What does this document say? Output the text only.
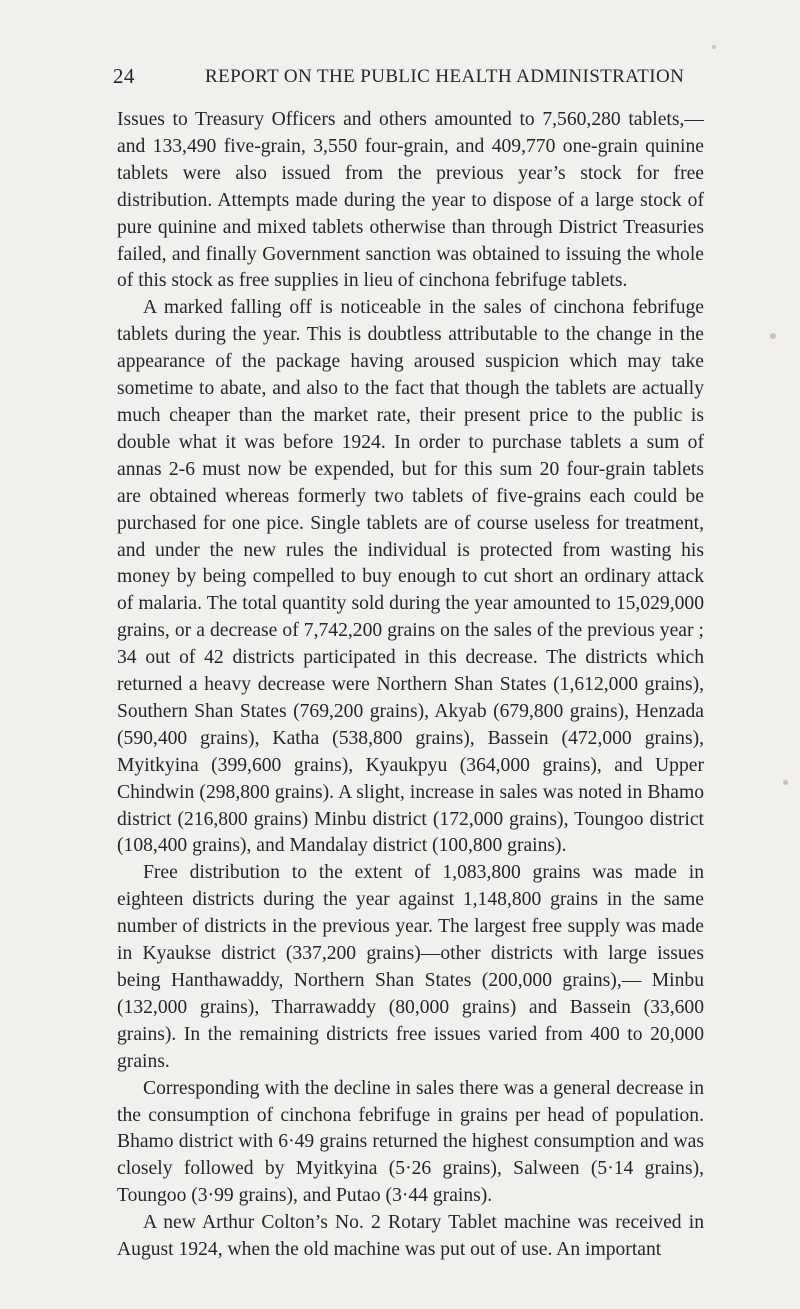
24	REPORT ON THE PUBLIC HEALTH ADMINISTRATION

Issues to Treasury Officers and others amounted to 7,560,280 tablets,—and 133,490 five-grain, 3,550 four-grain, and 409,770 one-grain quinine tablets were also issued from the previous year’s stock for free distribution. Attempts made during the year to dispose of a large stock of pure quinine and mixed tablets otherwise than through District Treasuries failed, and finally Government sanction was obtained to issuing the whole of this stock as free supplies in lieu of cinchona febrifuge tablets.

A marked falling off is noticeable in the sales of cinchona febrifuge tablets during the year. This is doubtless attributable to the change in the appearance of the package having aroused suspicion which may take sometime to abate, and also to the fact that though the tablets are actually much cheaper than the market rate, their present price to the public is double what it was before 1924. In order to purchase tablets a sum of annas 2-6 must now be expended, but for this sum 20 four-grain tablets are obtained whereas formerly two tablets of five-grains each could be purchased for one pice. Single tablets are of course useless for treatment, and under the new rules the individual is protected from wasting his money by being compelled to buy enough to cut short an ordinary attack of malaria. The total quantity sold during the year amounted to 15,029,000 grains, or a decrease of 7,742,200 grains on the sales of the previous year ; 34 out of 42 districts participated in this decrease. The districts which returned a heavy decrease were Northern Shan States (1,612,000 grains), Southern Shan States (769,200 grains), Akyab (679,800 grains), Henzada (590,400 grains), Katha (538,800 grains), Bassein (472,000 grains), Myitkyina (399,600 grains), Kyaukpyu (364,000 grains), and Upper Chindwin (298,800 grains). A slight, increase in sales was noted in Bhamo district (216,800 grains) Minbu district (172,000 grains), Toungoo district (108,400 grains), and Mandalay district (100,800 grains).

Free distribution to the extent of 1,083,800 grains was made in eighteen districts during the year against 1,148,800 grains in the same number of districts in the previous year. The largest free supply was made in Kyaukse district (337,200 grains)—other districts with large issues being Hanthawaddy, Northern Shan States (200,000 grains),— Minbu (132,000 grains), Tharrawaddy (80,000 grains) and Bassein (33,600 grains). In the remaining districts free issues varied from 400 to 20,000 grains.

Corresponding with the decline in sales there was a general decrease in the consumption of cinchona febrifuge in grains per head of population. Bhamo district with 6·49 grains returned the highest consumption and was closely followed by Myitkyina (5·26 grains), Salween (5·14 grains), Toungoo (3·99 grains), and Putao (3·44 grains).

A new Arthur Colton’s No. 2 Rotary Tablet machine was received in August 1924, when the old machine was put out of use. An important
